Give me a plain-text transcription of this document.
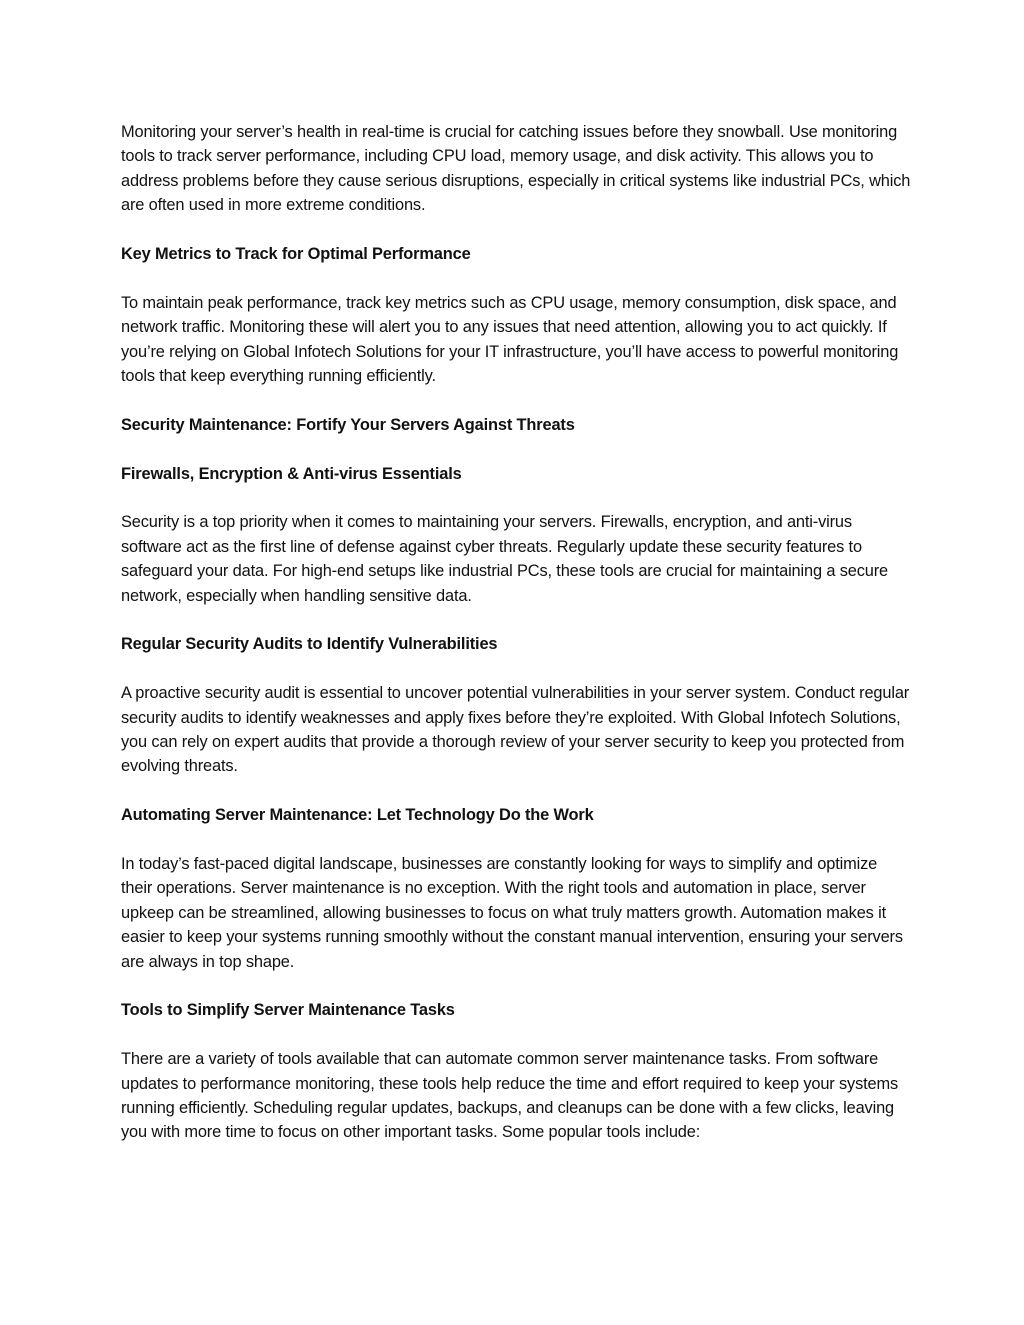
Monitoring your server’s health in real-time is crucial for catching issues before they snowball. Use monitoring tools to track server performance, including CPU load, memory usage, and disk activity. This allows you to address problems before they cause serious disruptions, especially in critical systems like industrial PCs, which are often used in more extreme conditions.

Key Metrics to Track for Optimal Performance

To maintain peak performance, track key metrics such as CPU usage, memory consumption, disk space, and network traffic. Monitoring these will alert you to any issues that need attention, allowing you to act quickly. If you’re relying on Global Infotech Solutions for your IT infrastructure, you’ll have access to powerful monitoring tools that keep everything running efficiently.

Security Maintenance: Fortify Your Servers Against Threats

Firewalls, Encryption & Anti-virus Essentials

Security is a top priority when it comes to maintaining your servers. Firewalls, encryption, and anti-virus software act as the first line of defense against cyber threats. Regularly update these security features to safeguard your data. For high-end setups like industrial PCs, these tools are crucial for maintaining a secure network, especially when handling sensitive data.

Regular Security Audits to Identify Vulnerabilities

A proactive security audit is essential to uncover potential vulnerabilities in your server system. Conduct regular security audits to identify weaknesses and apply fixes before they’re exploited. With Global Infotech Solutions, you can rely on expert audits that provide a thorough review of your server security to keep you protected from evolving threats.

Automating Server Maintenance: Let Technology Do the Work

In today’s fast-paced digital landscape, businesses are constantly looking for ways to simplify and optimize their operations. Server maintenance is no exception. With the right tools and automation in place, server upkeep can be streamlined, allowing businesses to focus on what truly matters growth. Automation makes it easier to keep your systems running smoothly without the constant manual intervention, ensuring your servers are always in top shape.

Tools to Simplify Server Maintenance Tasks

There are a variety of tools available that can automate common server maintenance tasks. From software updates to performance monitoring, these tools help reduce the time and effort required to keep your systems running efficiently. Scheduling regular updates, backups, and cleanups can be done with a few clicks, leaving you with more time to focus on other important tasks. Some popular tools include:
